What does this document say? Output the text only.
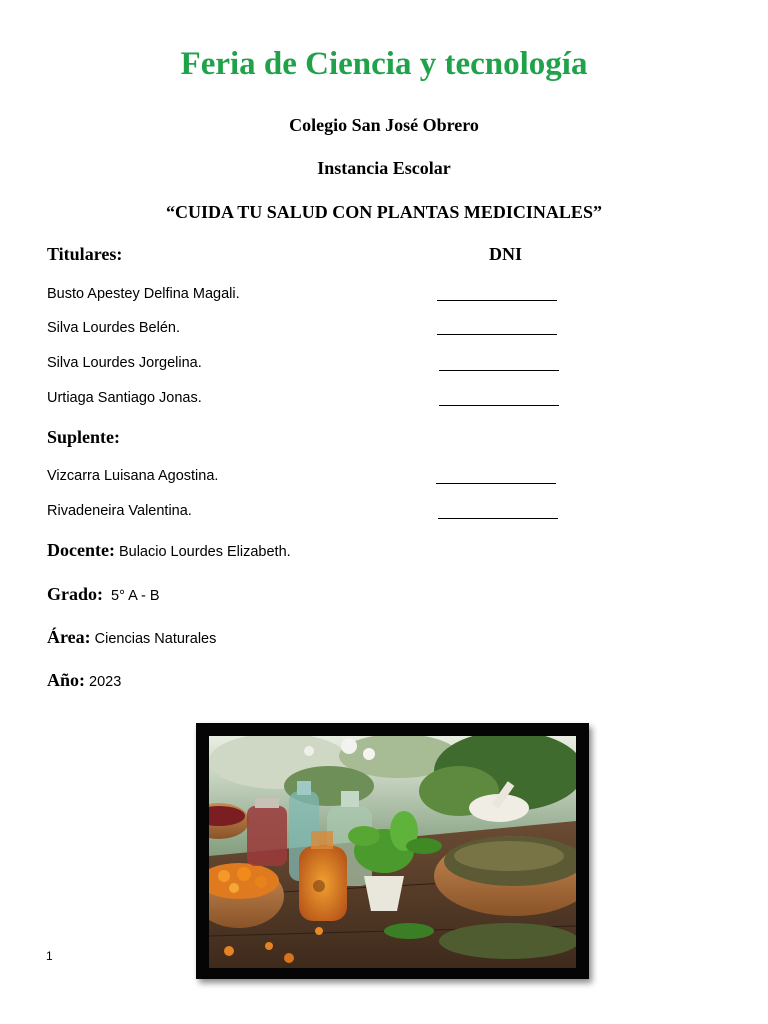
Feria de Ciencia y tecnología
Colegio San José Obrero
Instancia Escolar
“CUIDA TU SALUD CON PLANTAS MEDICINALES”
Titulares:	DNI
Busto Apestey Delfina Magali.
Silva Lourdes Belén.
Silva Lourdes Jorgelina.
Urtiaga Santiago Jonas.
Suplente:
Vizcarra Luisana Agostina.
Rivadeneira Valentina.
Docente: Bulacio Lourdes Elizabeth.
Grado: 5° A - B
Área: Ciencias Naturales
Año: 2023
1
